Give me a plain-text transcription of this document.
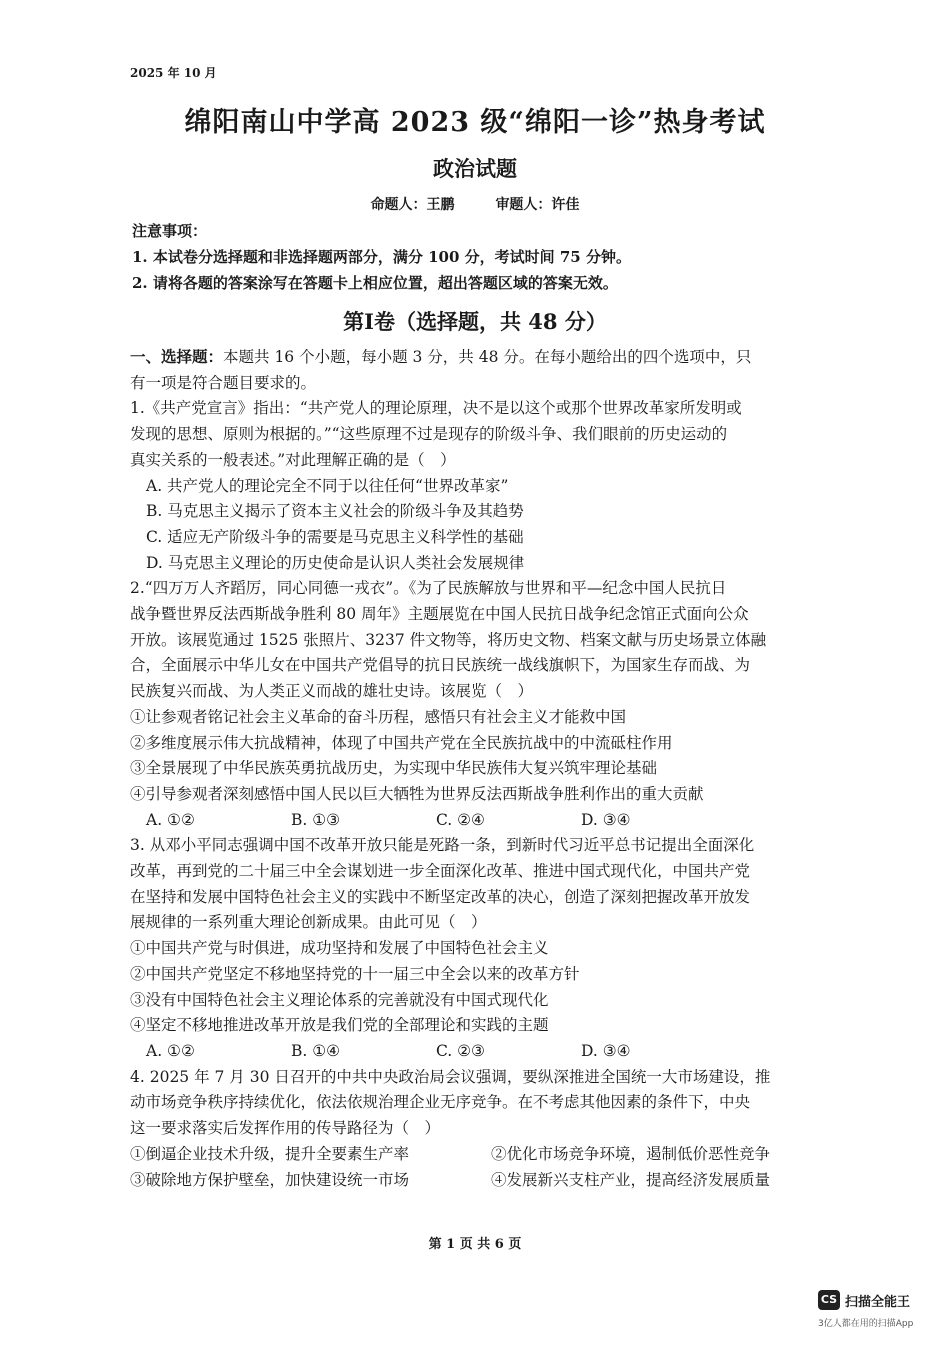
2025 年 10 月
绵阳南山中学高 2023 级“绵阳一诊”热身考试
政治试题
命题人：王鹏	审题人：许佳
注意事项：
1. 本试卷分选择题和非选择题两部分，满分 100 分，考试时间 75 分钟。
2. 请将各题的答案涂写在答题卡上相应位置，超出答题区域的答案无效。
第Ⅰ卷（选择题，共 48 分）
一、选择题：本题共 16 个小题，每小题 3 分，共 48 分。在每小题给出的四个选项中，只
有一项是符合题目要求的。
1.《共产党宣言》指出：“共产党人的理论原理，决不是以这个或那个世界改革家所发明或
发现的思想、原则为根据的。”“这些原理不过是现存的阶级斗争、我们眼前的历史运动的
真实关系的一般表述。”对此理解正确的是（　）
A. 共产党人的理论完全不同于以往任何“世界改革家”
B. 马克思主义揭示了资本主义社会的阶级斗争及其趋势
C. 适应无产阶级斗争的需要是马克思主义科学性的基础
D. 马克思主义理论的历史使命是认识人类社会发展规律
2.“四万万人齐蹈厉，同心同德一戎衣”。《为了民族解放与世界和平—纪念中国人民抗日
战争暨世界反法西斯战争胜利 80 周年》主题展览在中国人民抗日战争纪念馆正式面向公众
开放。该展览通过 1525 张照片、3237 件文物等，将历史文物、档案文献与历史场景立体融
合，全面展示中华儿女在中国共产党倡导的抗日民族统一战线旗帜下，为国家生存而战、为
民族复兴而战、为人类正义而战的雄壮史诗。该展览（　）
①让参观者铭记社会主义革命的奋斗历程，感悟只有社会主义才能救中国
②多维度展示伟大抗战精神，体现了中国共产党在全民族抗战中的中流砥柱作用
③全景展现了中华民族英勇抗战历史，为实现中华民族伟大复兴筑牢理论基础
④引导参观者深刻感悟中国人民以巨大牺牲为世界反法西斯战争胜利作出的重大贡献
A. ①②	B. ①③	C. ②④	D. ③④
3. 从邓小平同志强调中国不改革开放只能是死路一条，到新时代习近平总书记提出全面深化
改革，再到党的二十届三中全会谋划进一步全面深化改革、推进中国式现代化，中国共产党
在坚持和发展中国特色社会主义的实践中不断坚定改革的决心，创造了深刻把握改革开放发
展规律的一系列重大理论创新成果。由此可见（　）
①中国共产党与时俱进，成功坚持和发展了中国特色社会主义
②中国共产党坚定不移地坚持党的十一届三中全会以来的改革方针
③没有中国特色社会主义理论体系的完善就没有中国式现代化
④坚定不移地推进改革开放是我们党的全部理论和实践的主题
A. ①②	B. ①④	C. ②③	D. ③④
4. 2025 年 7 月 30 日召开的中共中央政治局会议强调，要纵深推进全国统一大市场建设，推
动市场竞争秩序持续优化，依法依规治理企业无序竞争。在不考虑其他因素的条件下，中央
这一要求落实后发挥作用的传导路径为（　）
①倒逼企业技术升级，提升全要素生产率	②优化市场竞争环境，遏制低价恶性竞争
③破除地方保护壁垒，加快建设统一市场	④发展新兴支柱产业，提高经济发展质量
第 1 页 共 6 页
CS 扫描全能王
3亿人都在用的扫描App
